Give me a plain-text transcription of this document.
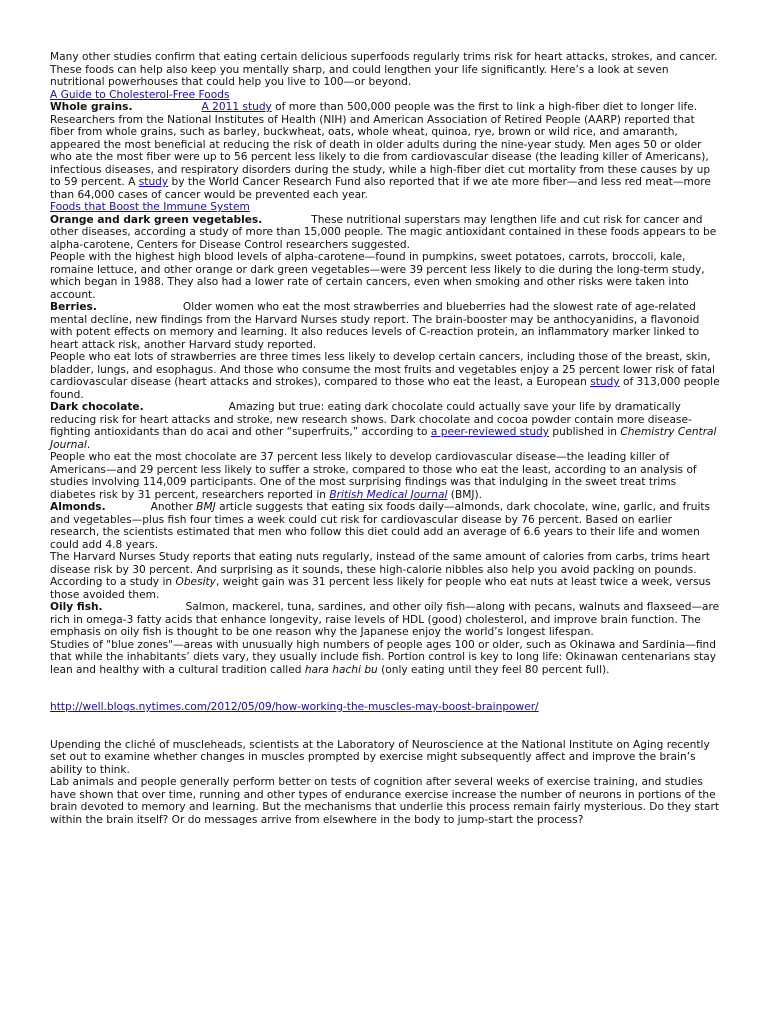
Many other studies confirm that eating certain delicious superfoods regularly trims risk for heart attacks, strokes, and cancer. These foods can help also keep you mentally sharp, and could lengthen your life significantly. Here’s a look at seven nutritional powerhouses that could help you live to 100—or beyond.

A Guide to Cholesterol-Free Foods

Whole grains.	A 2011 study of more than 500,000 people was the first to link a high-fiber diet to longer life. Researchers from the National Institutes of Health (NIH) and American Association of Retired People (AARP) reported that fiber from whole grains, such as barley, buckwheat, oats, whole wheat, quinoa, rye, brown or wild rice, and amaranth, appeared the most beneficial at reducing the risk of death in older adults during the nine-year study. Men ages 50 or older who ate the most fiber were up to 56 percent less likely to die from cardiovascular disease (the leading killer of Americans), infectious diseases, and respiratory disorders during the study, while a high-fiber diet cut mortality from these causes by up to 59 percent. A study by the World Cancer Research Fund also reported that if we ate more fiber—and less red meat—more than 64,000 cases of cancer would be prevented each year.

Foods that Boost the Immune System

Orange and dark green vegetables.	These nutritional superstars may lengthen life and cut risk for cancer and other diseases, according a study of more than 15,000 people. The magic antioxidant contained in these foods appears to be alpha-carotene, Centers for Disease Control researchers suggested.

People with the highest high blood levels of alpha-carotene—found in pumpkins, sweet potatoes, carrots, broccoli, kale, romaine lettuce, and other orange or dark green vegetables—were 39 percent less likely to die during the long-term study, which began in 1988. They also had a lower rate of certain cancers, even when smoking and other risks were taken into account.

Berries.	Older women who eat the most strawberries and blueberries had the slowest rate of age-related mental decline, new findings from the Harvard Nurses study report. The brain-booster may be anthocyanidins, a flavonoid with potent effects on memory and learning. It also reduces levels of C-reaction protein, an inflammatory marker linked to heart attack risk, another Harvard study reported.

People who eat lots of strawberries are three times less likely to develop certain cancers, including those of the breast, skin, bladder, lungs, and esophagus. And those who consume the most fruits and vegetables enjoy a 25 percent lower risk of fatal cardiovascular disease (heart attacks and strokes), compared to those who eat the least, a European study of 313,000 people found.

Dark chocolate.	Amazing but true: eating dark chocolate could actually save your life by dramatically reducing risk for heart attacks and stroke, new research shows. Dark chocolate and cocoa powder contain more disease-fighting antioxidants than do acai and other “superfruits,” according to a peer-reviewed study published in Chemistry Central Journal.

People who eat the most chocolate are 37 percent less likely to develop cardiovascular disease—the leading killer of Americans—and 29 percent less likely to suffer a stroke, compared to those who eat the least, according to an analysis of studies involving 114,009 participants. One of the most surprising findings was that indulging in the sweet treat trims diabetes risk by 31 percent, researchers reported in British Medical Journal (BMJ).

Almonds.	Another BMJ article suggests that eating six foods daily—almonds, dark chocolate, wine, garlic, and fruits and vegetables—plus fish four times a week could cut risk for cardiovascular disease by 76 percent. Based on earlier research, the scientists estimated that men who follow this diet could add an average of 6.6 years to their life and women could add 4.8 years.

The Harvard Nurses Study reports that eating nuts regularly, instead of the same amount of calories from carbs, trims heart disease risk by 30 percent. And surprising as it sounds, these high-calorie nibbles also help you avoid packing on pounds. According to a study in Obesity, weight gain was 31 percent less likely for people who eat nuts at least twice a week, versus those avoided them.

Oily fish.	Salmon, mackerel, tuna, sardines, and other oily fish—along with pecans, walnuts and flaxseed—are rich in omega-3 fatty acids that enhance longevity, raise levels of HDL (good) cholesterol, and improve brain function. The emphasis on oily fish is thought to be one reason why the Japanese enjoy the world’s longest lifespan.

Studies of "blue zones"—areas with unusually high numbers of people ages 100 or older, such as Okinawa and Sardinia—find that while the inhabitants’ diets vary, they usually include fish. Portion control is key to long life: Okinawan centenarians stay lean and healthy with a cultural tradition called hara hachi bu (only eating until they feel 80 percent full).

http://well.blogs.nytimes.com/2012/05/09/how-working-the-muscles-may-boost-brainpower/

Upending the cliché of muscleheads, scientists at the Laboratory of Neuroscience at the National Institute on Aging recently set out to examine whether changes in muscles prompted by exercise might subsequently affect and improve the brain’s ability to think.

Lab animals and people generally perform better on tests of cognition after several weeks of exercise training, and studies have shown that over time, running and other types of endurance exercise increase the number of neurons in portions of the brain devoted to memory and learning. But the mechanisms that underlie this process remain fairly mysterious. Do they start within the brain itself? Or do messages arrive from elsewhere in the body to jump-start the process?
